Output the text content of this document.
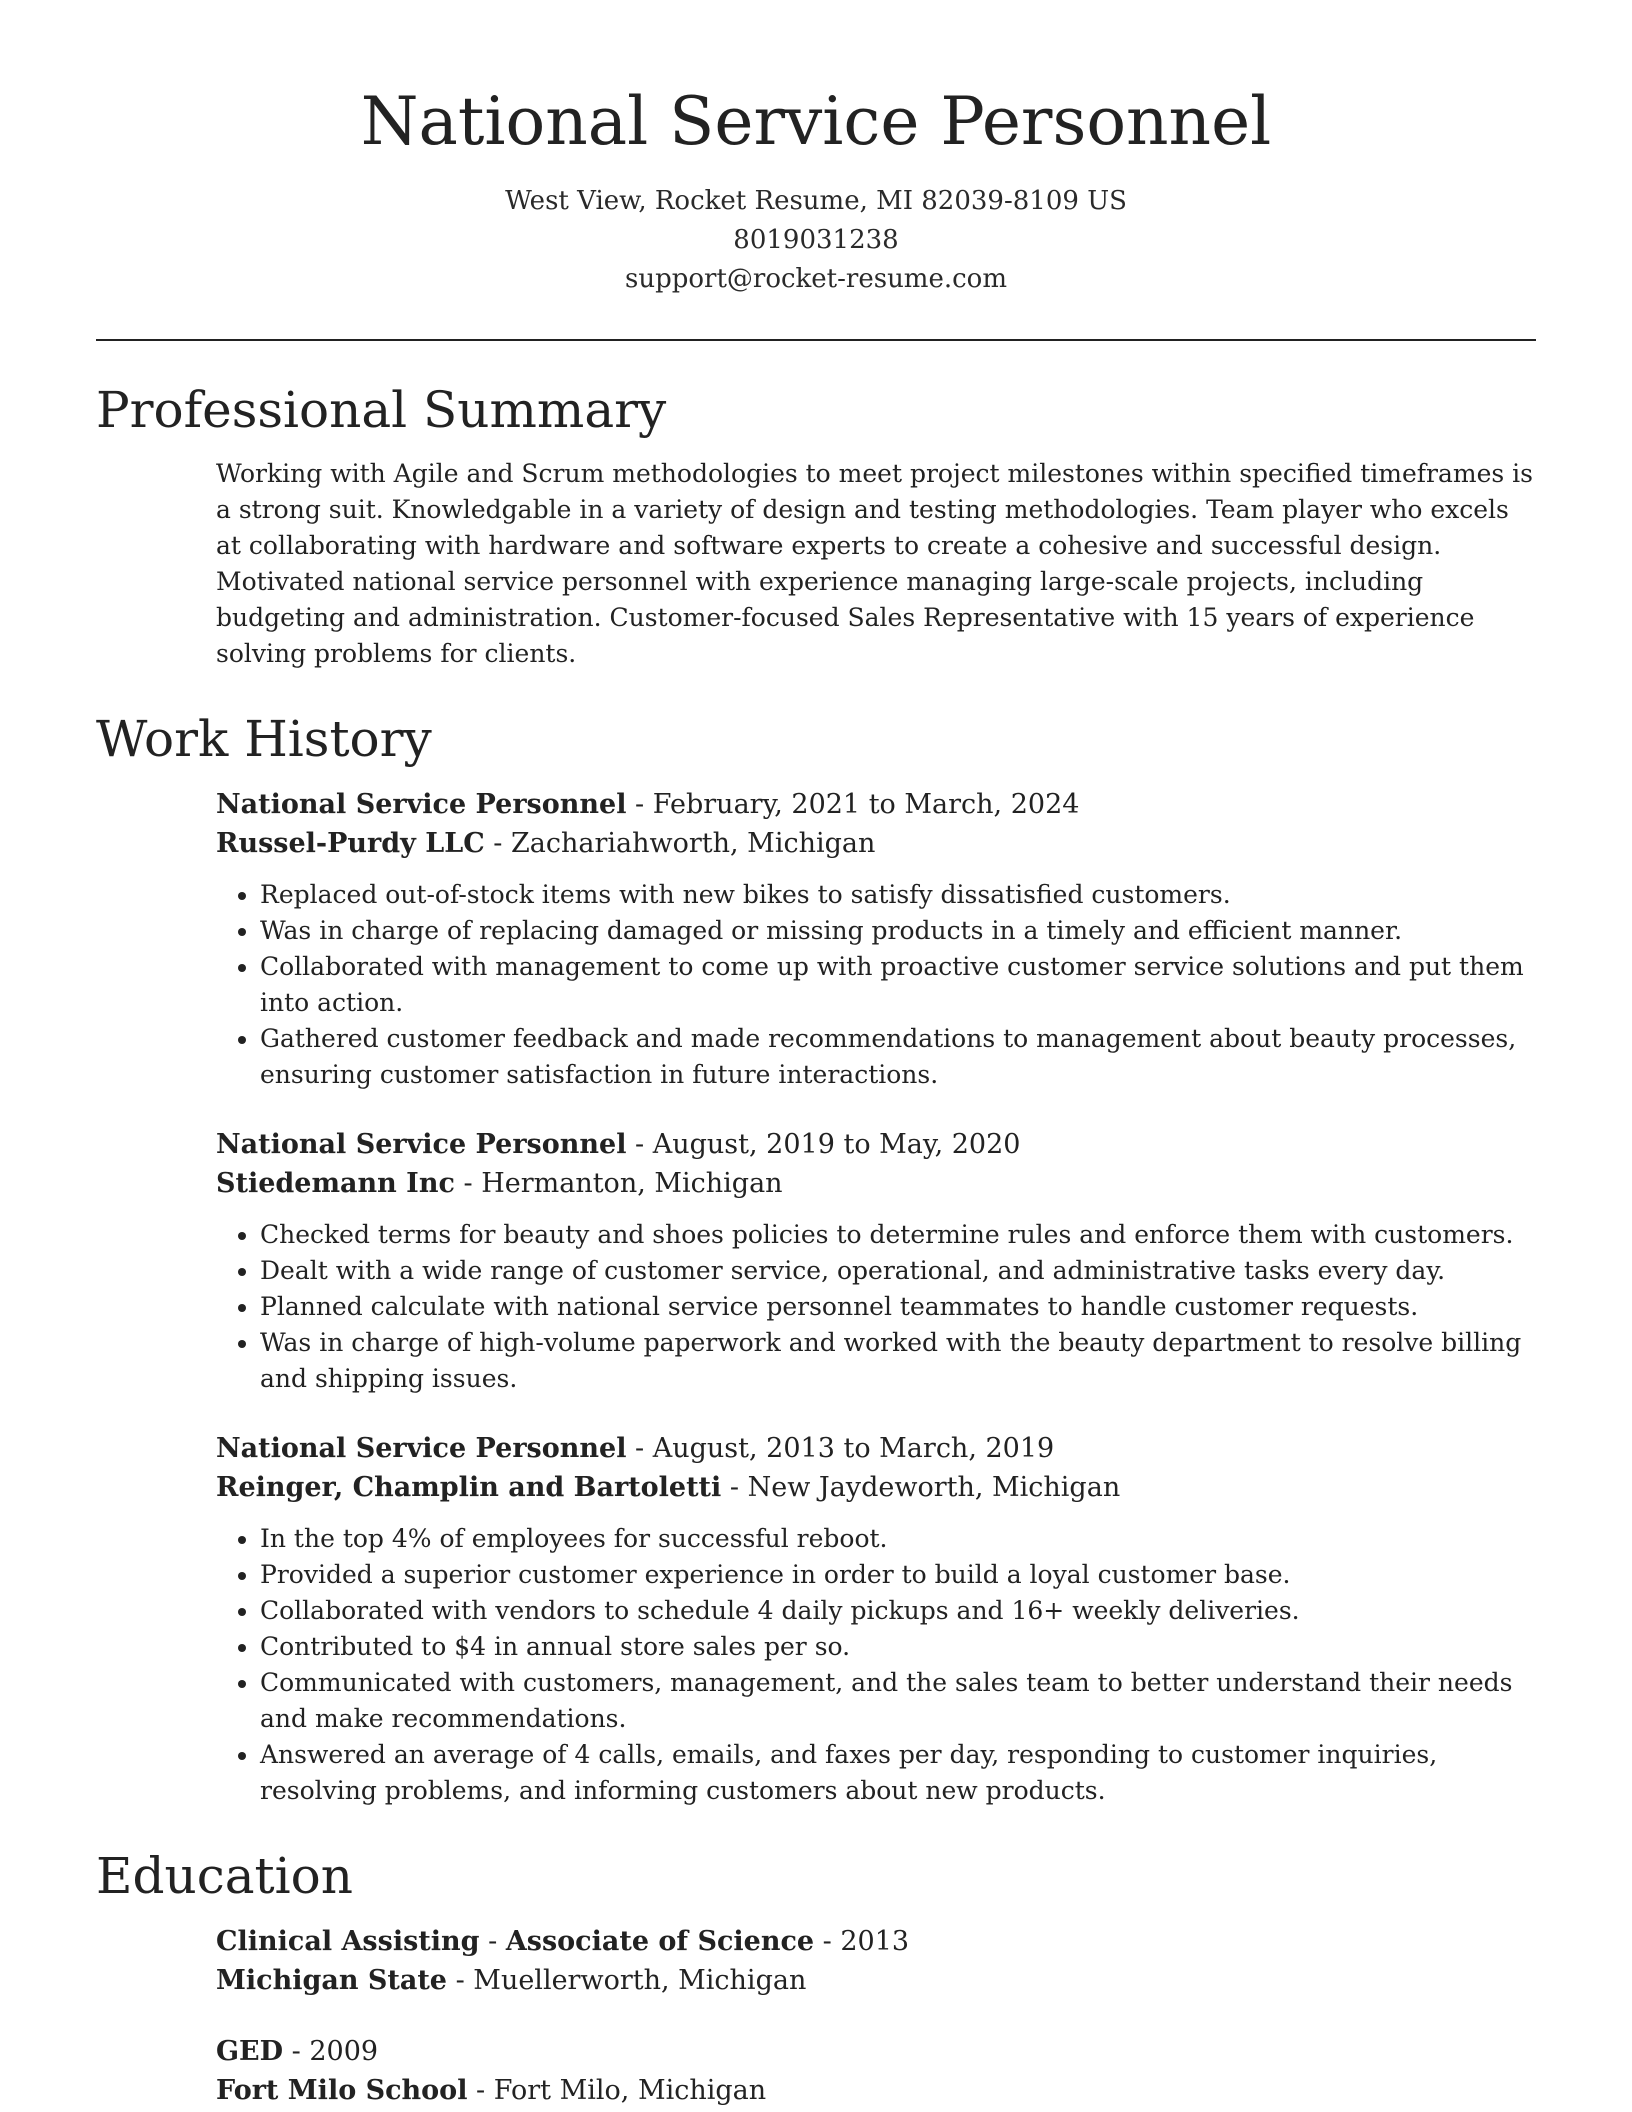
National Service Personnel
West View, Rocket Resume, MI 82039-8109 US
8019031238
support@rocket-resume.com
Professional Summary

Working with Agile and Scrum methodologies to meet project milestones within specified timeframes is a strong suit. Knowledgable in a variety of design and testing methodologies. Team player who excels at collaborating with hardware and software experts to create a cohesive and successful design. Motivated national service personnel with experience managing large-scale projects, including budgeting and administration. Customer-focused Sales Representative with 15 years of experience solving problems for clients.

Work History

National Service Personnel - February, 2021 to March, 2024

Russel-Purdy LLC - Zachariahworth, Michigan

• Replaced out-of-stock items with new bikes to satisfy dissatisfied customers.
• Was in charge of replacing damaged or missing products in a timely and efficient manner.
• Collaborated with management to come up with proactive customer service solutions and put them into action.
• Gathered customer feedback and made recommendations to management about beauty processes, ensuring customer satisfaction in future interactions.

National Service Personnel - August, 2019 to May, 2020

Stiedemann Inc - Hermanton, Michigan

• Checked terms for beauty and shoes policies to determine rules and enforce them with customers.
• Dealt with a wide range of customer service, operational, and administrative tasks every day.
• Planned calculate with national service personnel teammates to handle customer requests.
• Was in charge of high-volume paperwork and worked with the beauty department to resolve billing and shipping issues.

National Service Personnel - August, 2013 to March, 2019

Reinger, Champlin and Bartoletti - New Jaydeworth, Michigan

• In the top 4% of employees for successful reboot.
• Provided a superior customer experience in order to build a loyal customer base.
• Collaborated with vendors to schedule 4 daily pickups and 16+ weekly deliveries.
• Contributed to $4 in annual store sales per so.
• Communicated with customers, management, and the sales team to better understand their needs and make recommendations.
• Answered an average of 4 calls, emails, and faxes per day, responding to customer inquiries, resolving problems, and informing customers about new products.
Education

Clinical Assisting - Associate of Science - 2013

Michigan State - Muellerworth, Michigan

GED - 2009

Fort Milo School - Fort Milo, Michigan
